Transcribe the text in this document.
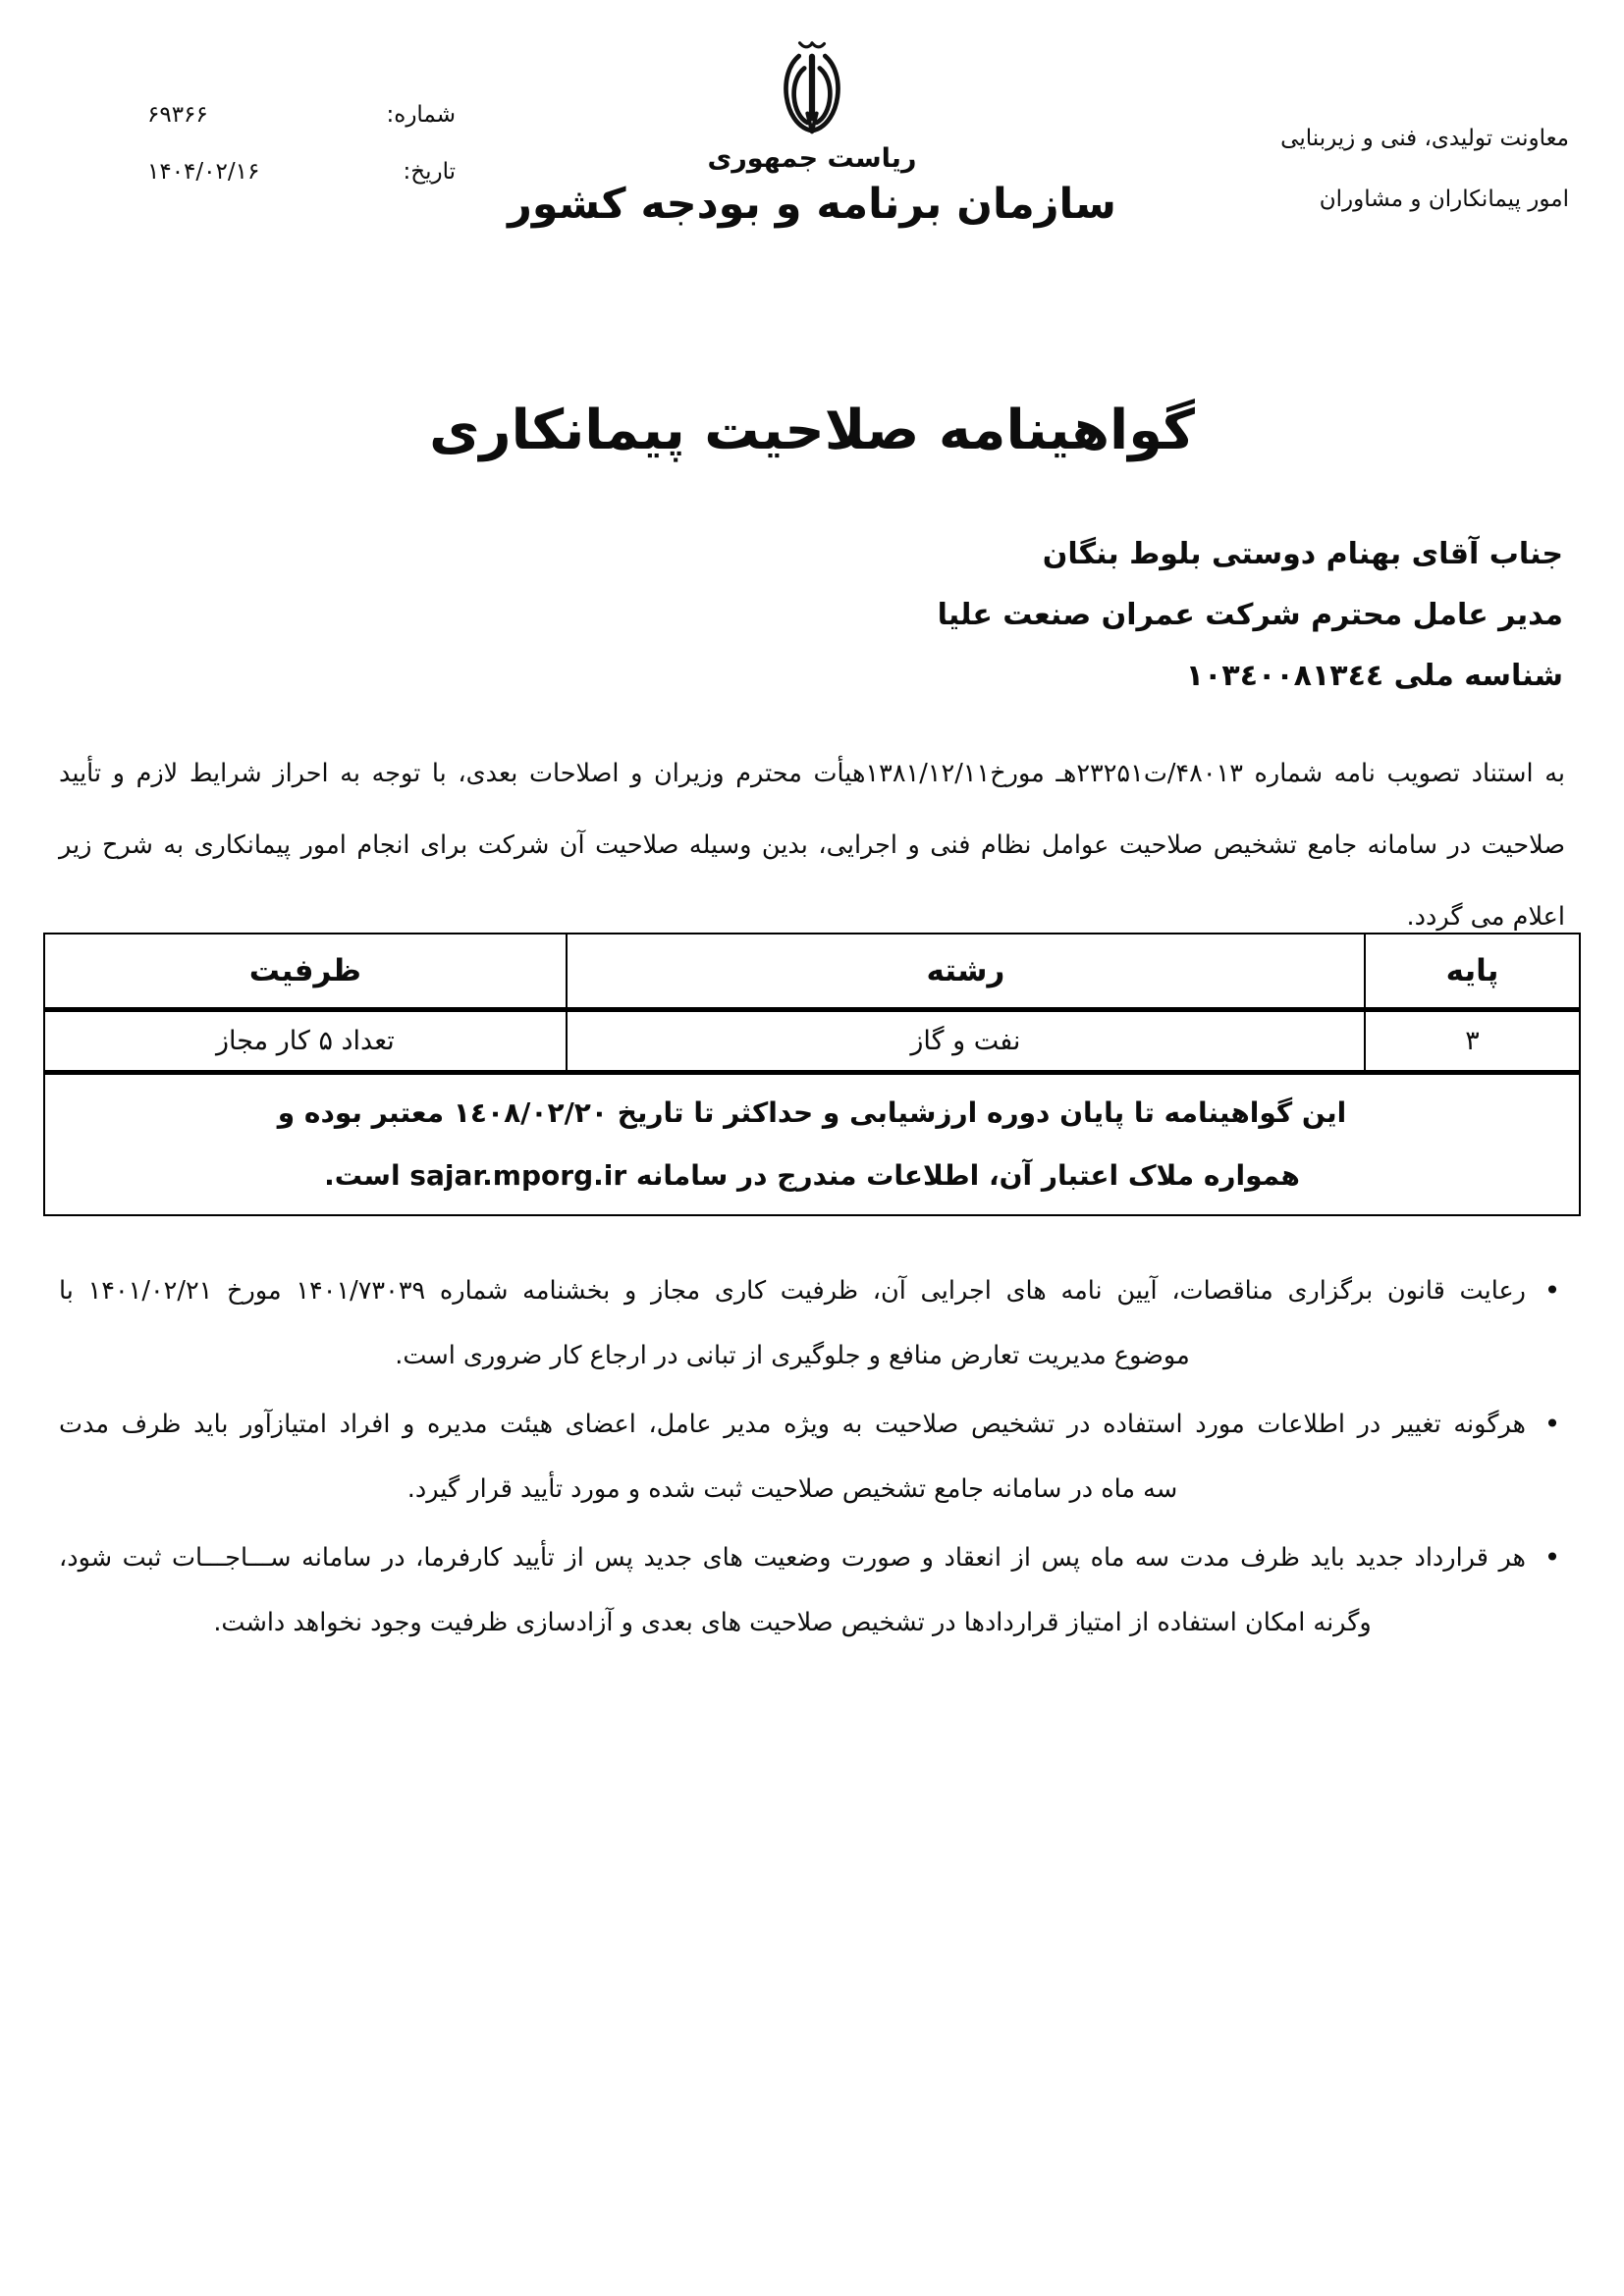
شماره:
۶۹۳۶۶
تاریخ:
۱۴۰۴/۰۲/۱۶
معاونت تولیدی، فنی و زیربنایی
امور پیمانکاران و مشاوران
ریاست جمهوری
سازمان برنامه و بودجه کشور
گواهینامه صلاحیت پیمانکاری
جناب آقای بهنام دوستی بلوط بنگان
مدیر عامل محترم شرکت عمران صنعت علیا
شناسه ملی ١٠٣٤٠٠٨١٣٤٤
به استناد تصویب نامه شماره ۴۸۰۱۳/ت۲۳۲۵۱هـ مورخ۱۳۸۱/۱۲/۱۱هیأت محترم وزیران و اصلاحات بعدی، با توجه به احراز شرایط لازم و تأیید
صلاحیت در سامانه جامع تشخیص صلاحیت عوامل نظام فنی و اجرایی، بدین وسیله صلاحیت آن شرکت برای انجام امور پیمانکاری به شرح زیر
اعلام می گردد.
پایه	رشته	ظرفیت
۳	نفت و گاز	تعداد ۵ کار مجاز

این گواهینامه تا پایان دوره ارزشیابی و حداکثر تا تاریخ ١٤٠٨/٠٢/٢٠ معتبر بوده و
همواره ملاک اعتبار آن، اطلاعات مندرج در سامانه sajar.mporg.ir است.		
•
رعایت قانون برگزاری مناقصات، آیین نامه های اجرایی آن، ظرفیت کاری مجاز و بخشنامه شماره ۱۴۰۱/۷۳۰۳۹ مورخ ۱۴۰۱/۰۲/۲۱ با
موضوع مدیریت تعارض منافع و جلوگیری از تبانی در ارجاع کار ضروری است.
•
هرگونه تغییر در اطلاعات مورد استفاده در تشخیص صلاحیت به ویژه مدیر عامل، اعضای هیئت مدیره و افراد امتیازآور باید ظرف مدت
سه ماه در سامانه جامع تشخیص صلاحیت ثبت شده و مورد تأیید قرار گیرد.
•
هر قرارداد جدید باید ظرف مدت سه ماه پس از انعقاد و صورت وضعیت های جدید پس از تأیید کارفرما، در سامانه ســـاجـــات ثبت شود،
وگرنه امکان استفاده از امتیاز قراردادها در تشخیص صلاحیت های بعدی و آزادسازی ظرفیت وجود نخواهد داشت.
